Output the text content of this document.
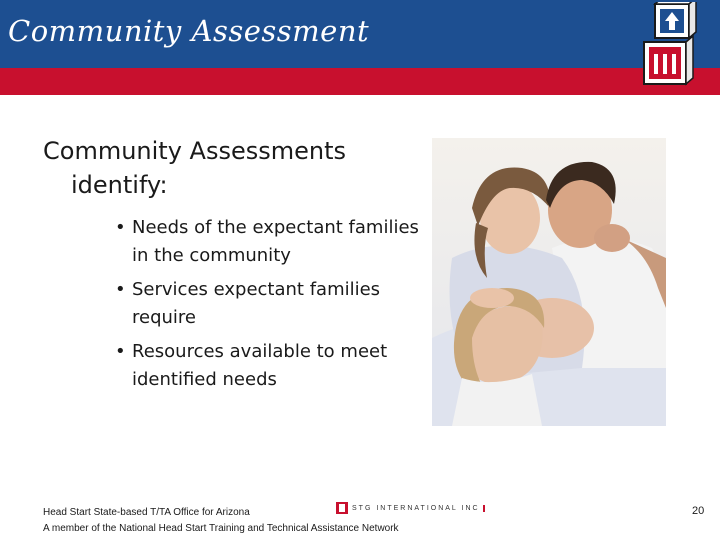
Community Assessment
Community Assessments
identify:
• Needs of the expectant families in the community
• Services expectant families require
• Resources available to meet identified needs
Head Start State-based T/TA Office for Arizona
A member of the National Head Start Training and Technical Assistance Network
STG INTERNATIONAL INC	20
